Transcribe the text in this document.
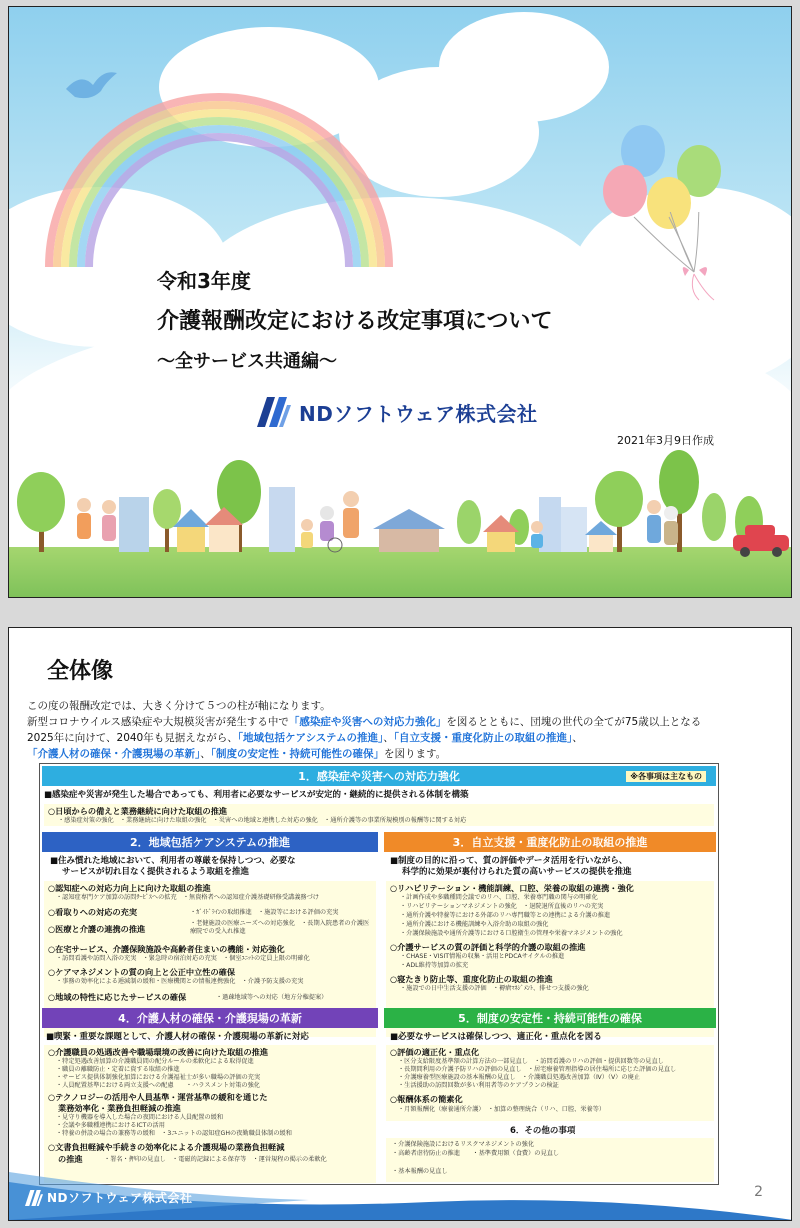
令和3年度
介護報酬改定における改定事項について
〜全サービス共通編〜
NDソフトウェア株式会社
2021年3月9日作成
全体像
この度の報酬改定では、大きく分けて５つの柱が軸になります。
新型コロナウイルス感染症や大規模災害が発生する中で「感染症や災害への対応力強化」を図るとともに、団塊の世代の全てが75歳以上となる
2025年に向けて、2040年も見据えながら、「地域包括ケアシステムの推進」、「自立支援・重度化防止の取組の推進」、
「介護人材の確保・介護現場の革新」、「制度の安定性・持続可能性の確保」を図ります。
1．感染症や災害への対応力強化	※各事項は主なもの
■感染症や災害が発生した場合であっても、利用者に必要なサービスが安定的・継続的に提供される体制を構築
○日頃からの備えと業務継続に向けた取組の推進
・感染症対策の強化　・業務継続に向けた取組の強化　・災害への地域と連携した対応の強化　・通所介護等の事業所規模別の報酬等に関する対応
2．地域包括ケアシステムの推進
■住み慣れた地域において、利用者の尊厳を保持しつつ、必要な
サービスが切れ目なく提供されるよう取組を推進
○認知症への対応力向上に向けた取組の推進
・認知症専門ケア加算の訪問ｻｰﾋﾞｽへの拡充　・無資格者への認知症介護基礎研修受講義務づけ
○看取りへの対応の充実	・ｶﾞｲﾄﾞﾗｲﾝの取組推進　・施設等における評価の充実
○医療と介護の連携の推進
・老健施設の医療ニーズへの対応強化　・長期入院患者の介護医療院での受入れ推進
○在宅サービス、介護保険施設や高齢者住まいの機能・対応強化
・訪問看護や訪問入浴の充実　・緊急時の宿泊対応の充実　・個室ﾕﾆｯﾄの定員上限の明確化
○ケアマネジメントの質の向上と公正中立性の確保
・事務の効率化による逓減制の緩和・医療機関との情報連携強化　・介護予防支援の充実
○地域の特性に応じたサービスの確保	・過疎地域等への対応（地方分権提案）
3．自立支援・重度化防止の取組の推進
■制度の目的に沿って、質の評価やデータ活用を行いながら、
科学的に効果が裏付けられた質の高いサービスの提供を推進
○リハビリテーション・機能訓練、口腔、栄養の取組の連携・強化
・計画作成や多職種間会議でのリハ、口腔、栄養専門職の関与の明確化
・リハビリテーションマネジメントの強化　・退院退所直後のリハの充実
・通所介護や特養等における外部のリハ専門職等との連携による介護の推進
・通所介護における機能訓練や入浴介助の取組の強化
・介護保険施設や通所介護等における口腔衛生の管理や栄養マネジメントの強化
○介護サービスの質の評価と科学的介護の取組の推進
・CHASE・VISIT情報の収集・活用とPDCAサイクルの推進
・ADL維持等加算の拡充
○寝たきり防止等、重度化防止の取組の推進
・施設での日中生活支援の評価　・褥瘡ﾏﾈｼﾞﾒﾝﾄ、排せつ支援の強化
4．介護人材の確保・介護現場の革新
■喫緊・重要な課題として、介護人材の確保・介護現場の革新に対応
○介護職員の処遇改善や職場環境の改善に向けた取組の推進
・特定処遇改善加算の介護職員間の配分ルールの柔軟化による取得促進
・職員の離職防止・定着に資する取組の推進
・サービス提供体制強化加算における介護福祉士が多い職場の評価の充実
・人員配置基準における両立支援への配慮　　・ハラスメント対策の強化
○テクノロジーの活用や人員基準・運営基準の緩和を通じた
業務効率化・業務負担軽減の推進
・見守り機器を導入した場合の夜間における人員配置の緩和
・会議や多職種連携におけるICTの活用
・特養の併設の場合の兼務等の緩和　・3ユニットの認知症GHの夜勤職員体制の緩和
○文書負担軽減や手続きの効率化による介護現場の業務負担軽減
の推進	・署名・押印の見直し　・電磁的記録による保存等　・運営規程の掲示の柔軟化
5．制度の安定性・持続可能性の確保
■必要なサービスは確保しつつ、適正化・重点化を図る
○評価の適正化・重点化
・区分支給限度基準額の計算方法の一部見直し　・訪問看護のリハの評価・提供回数等の見直し
・長期間利用の介護予防リハの評価の見直し　・居宅療養管理指導の居住場所に応じた評価の見直し
・介護療養型医療施設の基本報酬の見直し　・介護職員処遇改善加算（Ⅳ）（Ⅴ）の廃止
・生活援助の訪問回数が多い利用者等のケアプランの検証
○報酬体系の簡素化
・月額報酬化（療養通所介護）　・加算の整理統合（リハ、口腔、栄養等）
6．その他の事項
・介護保険施設におけるリスクマネジメントの強化
・高齢者虐待防止の推進　　・基準費用額（食費）の見直し
・基本報酬の見直し
NDソフトウェア株式会社	2
